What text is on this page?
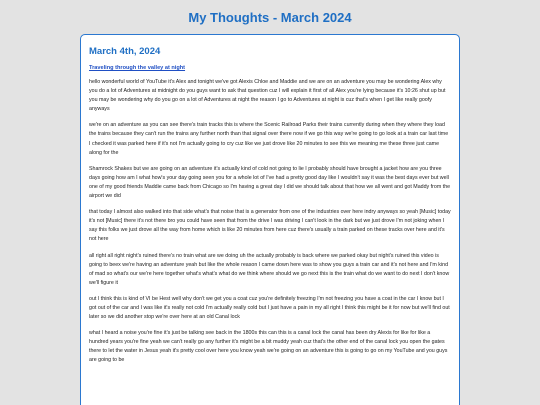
My Thoughts - March 2024
March 4th, 2024
Traveling through the valley at night

hello wonderful world of YouTube it's Alex and tonight we've got Alexis Chloe and Maddie and we are on an adventure you may be wondering Alex why you do a lot of Adventures at midnight do you guys want to ask that question cuz I will explain it first of all Alex you're lying because it's 10:26 shut up but you may be wondering why do you go on a lot of Adventures at night the reason I go to Adventures at night is cuz that's when I get like really goofy anyways

we're on an adventure as you can see there's train tracks this is where the Scenic Railroad Parks their trains currently during when they where they load the trains because they can't run the trains any further north than that signal over there now if we go this way we're going to go look at a train car last time I checked it was parked here if it's not I'm actually going to cry cuz like we just drove like 20 minutes to see this we meaning me these three just came along for the

Shamrock Shakes but we are going on an adventure it's actually kind of cold not going to lie I probably should have brought a jacket how are you three days going how am I what how's your day going seen you for a whole lot of I've had a pretty good day like I wouldn't say it was the best days ever but well one of my good friends Maddie came back from Chicago so I'm having a great day I did we should talk about that how we all went and got Maddy from the airport we did

that today I almost also walked into that side what's that noise that is a generator from one of the industries over here indry anyways so yeah [Music] today it's not [Music] there it's not there bro you could have seen that from the drive I was driving I can't look in the dark but we just drove I'm not joking when I say this folks we just drove all the way from home which is like 20 minutes from here cuz there's usually a train parked on these tracks over here and it's not here

all right all right night's ruined there's no train what are we doing uh the actually probably is back where we parked okay but night's ruined this video is going to beex we're having an adventure yeah but like the whole reason I came down here was to show you guys a train car and it's not here and I'm kind of mad so what's our we're here together what's what's what do we think where should we go next this is the train what do we want to do next I don't know we'll figure it

out I think this is kind of VI be Hest well why don't we get you a coat cuz you're definitely freezing I'm not freezing you have a coat in the car I know but I got out of the car and I was like it's really not cold I'm actually really cold but I just have a pain in my all right I think this might be it for now but we'll find out later so we did another stop we're over here at an old Canal lock

what I heard a noise you're fine it's just be talking see back in the 1800s this can this is a canal lock the canal has been dry Alexis for like for like a hundred years you're fine yeah we can't really go any further it's might be a bit muddy yeah cuz that's the other end of the canal lock you open the gates there to let the water in Jesus yeah it's pretty cool over here you know yeah we're going on an adventure this is going to go on my YouTube and you guys are going to be
